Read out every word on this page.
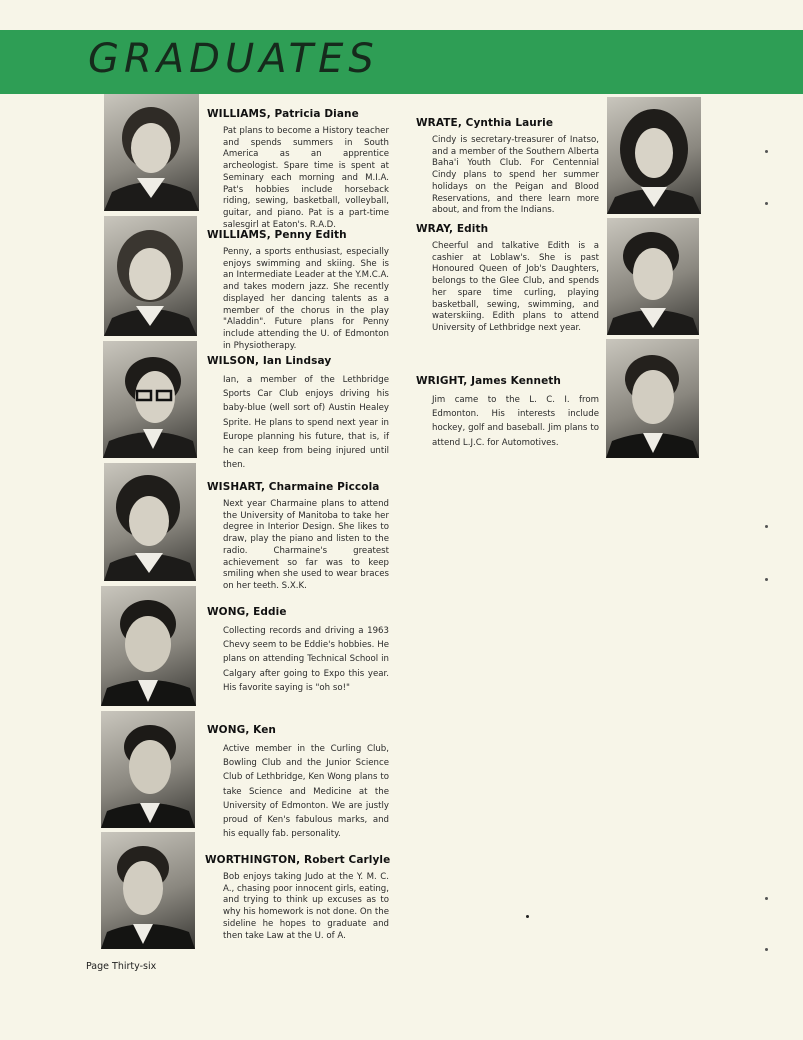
GRADUATES
WILLIAMS, Patricia Diane

Pat plans to become a History teacher and spends summers in South America as an apprentice archeologist. Spare time is spent at Seminary each morning and M.I.A. Pat's hobbies include horseback riding, sewing, basketball, volleyball, guitar, and piano. Pat is a part-time salesgirl at Eaton's. R.A.D.

WILLIAMS, Penny Edith

Penny, a sports enthusiast, especially enjoys swimming and skiing. She is an Intermediate Leader at the Y.M.C.A. and takes modern jazz. She recently displayed her dancing talents as a member of the chorus in the play "Aladdin". Future plans for Penny include attending the U. of Edmonton in Physiotherapy.

WILSON, Ian Lindsay

Ian, a member of the Lethbridge Sports Car Club enjoys driving his baby-blue (well sort of) Austin Healey Sprite. He plans to spend next year in Europe planning his future, that is, if he can keep from being injured until then.

WISHART, Charmaine Piccola

Next year Charmaine plans to attend the University of Manitoba to take her degree in Interior Design. She likes to draw, play the piano and listen to the radio. Charmaine's greatest achievement so far was to keep smiling when she used to wear braces on her teeth. S.X.K.

WONG, Eddie

Collecting records and driving a 1963 Chevy seem to be Eddie's hobbies. He plans on attending Technical School in Calgary after going to Expo this year. His favorite saying is "oh so!"

WONG, Ken

Active member in the Curling Club, Bowling Club and the Junior Science Club of Lethbridge, Ken Wong plans to take Science and Medicine at the University of Edmonton. We are justly proud of Ken's fabulous marks, and his equally fab. personality.

WORTHINGTON, Robert Carlyle

Bob enjoys taking Judo at the Y. M. C. A., chasing poor innocent girls, eating, and trying to think up excuses as to why his homework is not done. On the sideline he hopes to graduate and then take Law at the U. of A.

WRATE, Cynthia Laurie

Cindy is secretary-treasurer of Inatso, and a member of the Southern Alberta Baha'i Youth Club. For Centennial Cindy plans to spend her summer holidays on the Peigan and Blood Reservations, and there learn more about, and from the Indians.

WRAY, Edith

Cheerful and talkative Edith is a cashier at Loblaw's. She is past Honoured Queen of Job's Daughters, belongs to the Glee Club, and spends her spare time curling, playing basketball, sewing, swimming, and waterskiing. Edith plans to attend University of Lethbridge next year.

WRIGHT, James Kenneth

Jim came to the L. C. I. from Edmonton. His interests include hockey, golf and baseball. Jim plans to attend L.J.C. for Automotives.

Page Thirty-six
